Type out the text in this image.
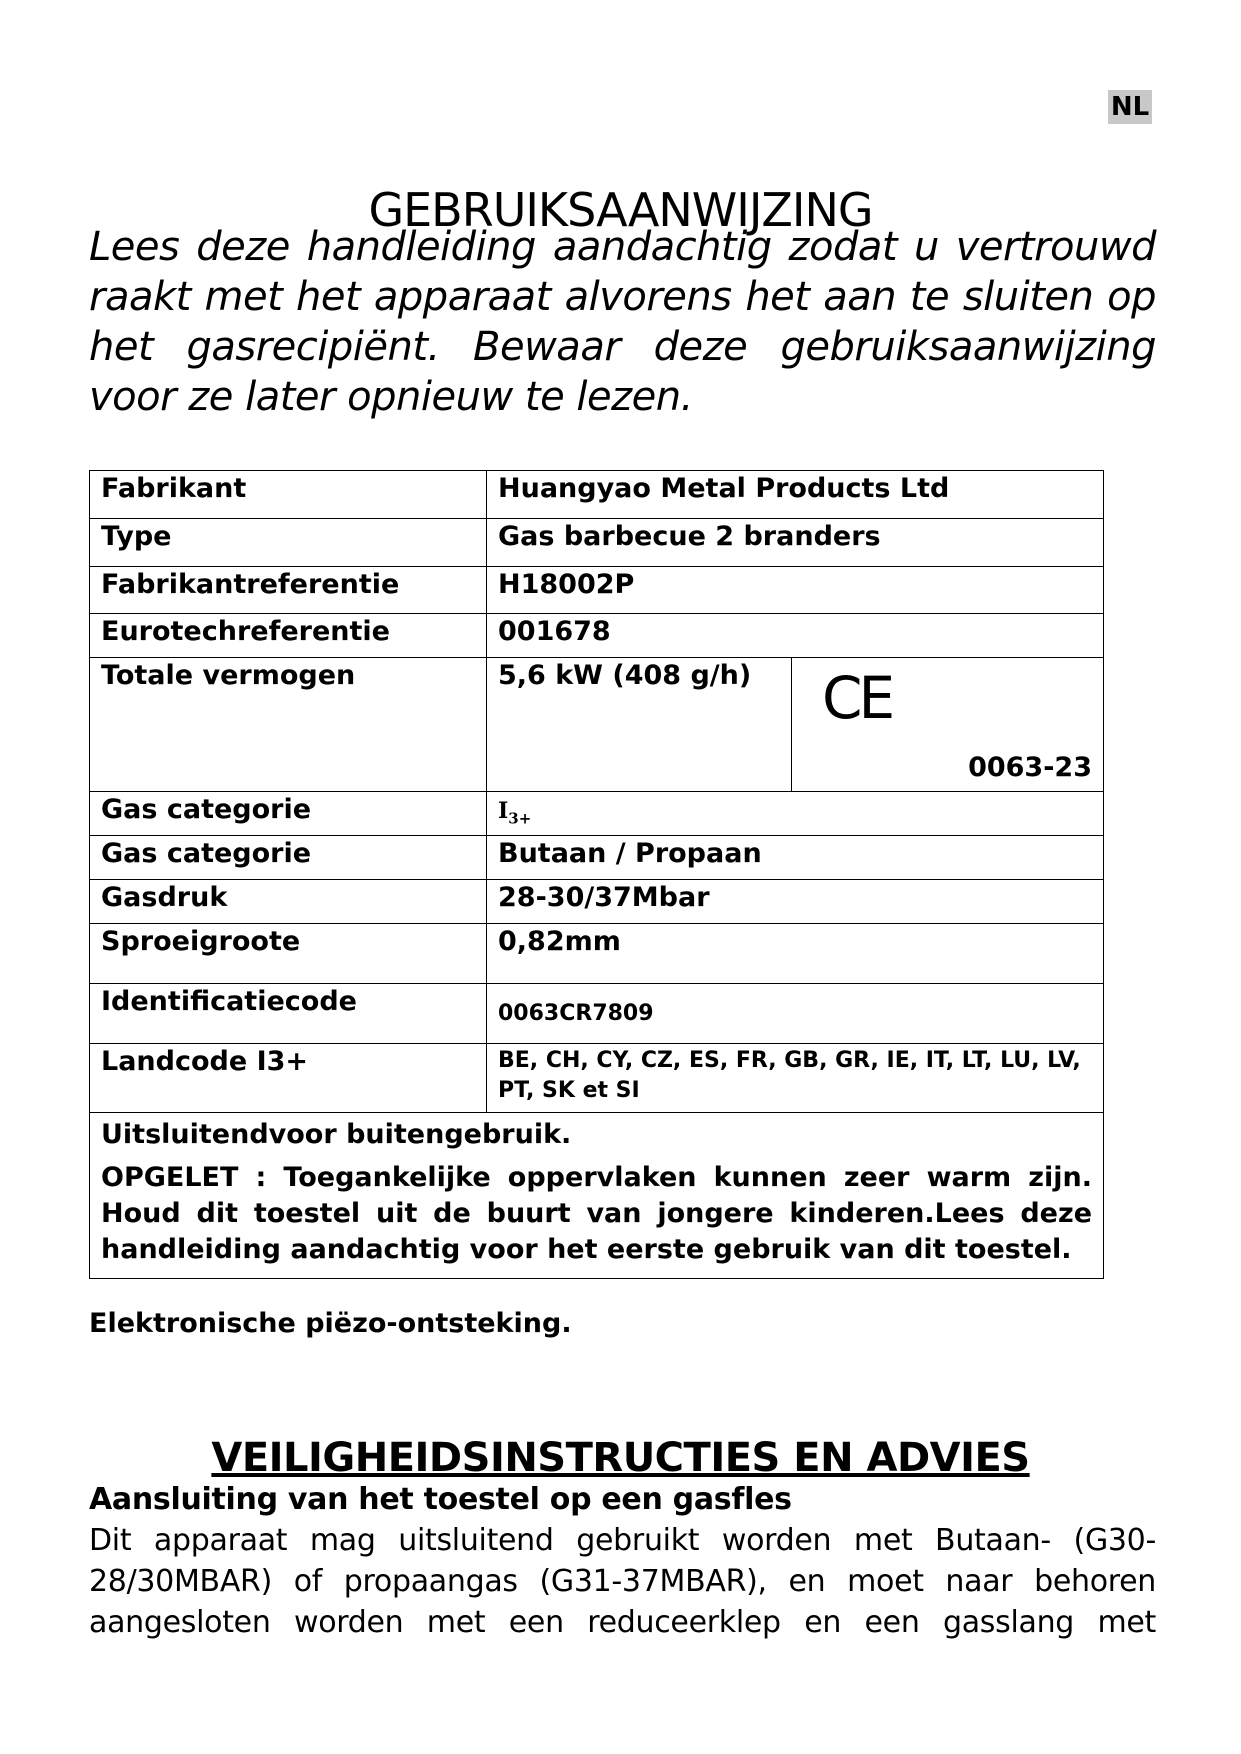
NL
GEBRUIKSAANWIJZING

Lees deze handleiding aandachtig zodat u vertrouwd raakt met het apparaat alvorens het aan te sluiten op het gasrecipiënt. Bewaar deze gebruiksaanwijzing voor ze later opnieuw te lezen.

Fabrikant	Huangyao Metal Products Ltd	
Type	Gas barbecue 2 branders	
Fabrikantreferentie	H18002P	
Eurotechreferentie	001678	
Totale vermogen	5,6 kW (408 g/h)	CE
0063-23

Gas categorie	$I_{3+}$
Gas categorie	Butaan / Propaan	
Gasdruk	28-30/37Mbar	
Sproeigroote	0,82mm	
Identificatiecode	0063CR7809	
Landcode I3+	BE, CH, CY, CZ, ES, FR, GB, GR, IE, IT, LT, LU, LV, PT, SK et SI	

Uitsluitendvoor buitengebruik.

OPGELET : Toegankelijke oppervlaken kunnen zeer warm zijn. Houd dit toestel uit de buurt van jongere kinderen.Lees deze handleiding aandachtig voor het eerste gebruik van dit toestel.		

Elektronische piëzo-ontsteking.
VEILIGHEIDSINSTRUCTIES EN ADVIES
Aansluiting van het toestel op een gasfles

Dit apparaat mag uitsluitend gebruikt worden met Butaan- (G30-28/30MBAR) of propaangas (G31-37MBAR), en moet naar behoren aangesloten worden met een reduceerklep en een gasslang met
